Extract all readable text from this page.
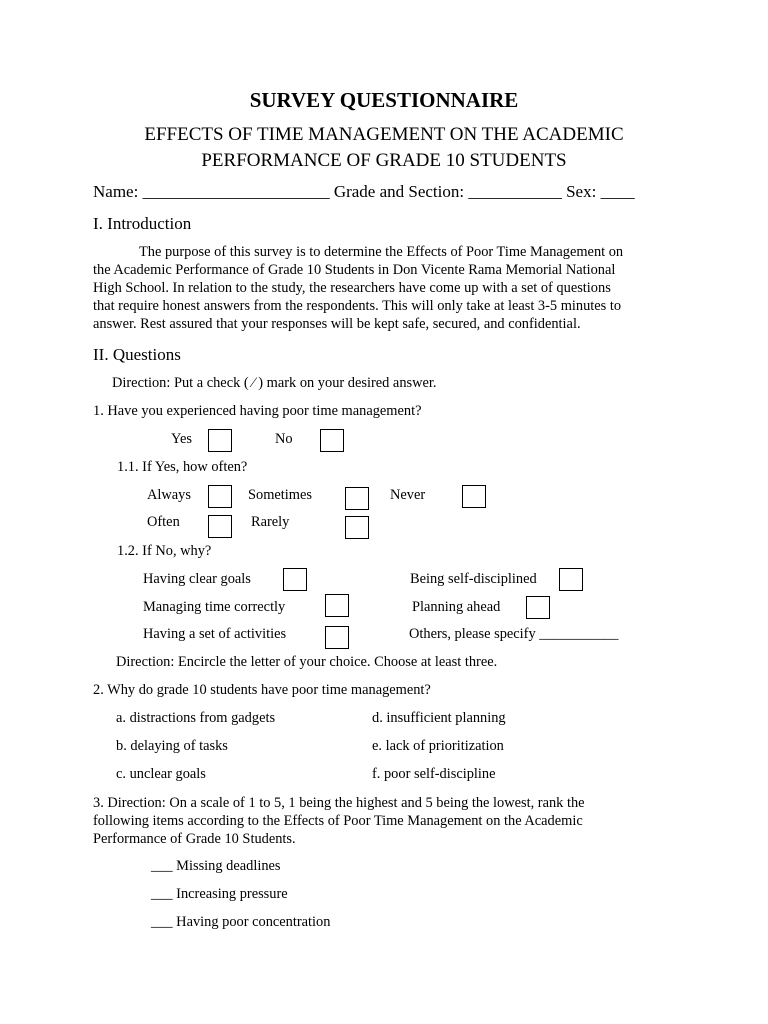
SURVEY QUESTIONNAIRE
EFFECTS OF TIME MANAGEMENT ON THE ACADEMIC
PERFORMANCE OF GRADE 10 STUDENTS
Name: ______________________ Grade and Section: ___________ Sex: ____
I. Introduction
The purpose of this survey is to determine the Effects of Poor Time Management on
the Academic Performance of Grade 10 Students in Don Vicente Rama Memorial National
High School. In relation to the study, the researchers have come up with a set of questions
that require honest answers from the respondents. This will only take at least 3-5 minutes to
answer. Rest assured that your responses will be kept safe, secured, and confidential.
II. Questions
Direction: Put a check ( ⁄ ) mark on your desired answer.
1. Have you experienced having poor time management?
Yes	No
1.1. If Yes, how often?
Always	Sometimes	Never
Often	Rarely
1.2. If No, why?
Having clear goals	Being self-disciplined
Managing time correctly	Planning ahead
Having a set of activities	Others, please specify ___________
Direction: Encircle the letter of your choice. Choose at least three.
2. Why do grade 10 students have poor time management?
a. distractions from gadgets	d. insufficient planning
b. delaying of tasks	e. lack of prioritization
c. unclear goals	f. poor self-discipline
3. Direction: On a scale of 1 to 5, 1 being the highest and 5 being the lowest, rank the
following items according to the Effects of Poor Time Management on the Academic
Performance of Grade 10 Students.
___ Missing deadlines
___ Increasing pressure
___ Having poor concentration
